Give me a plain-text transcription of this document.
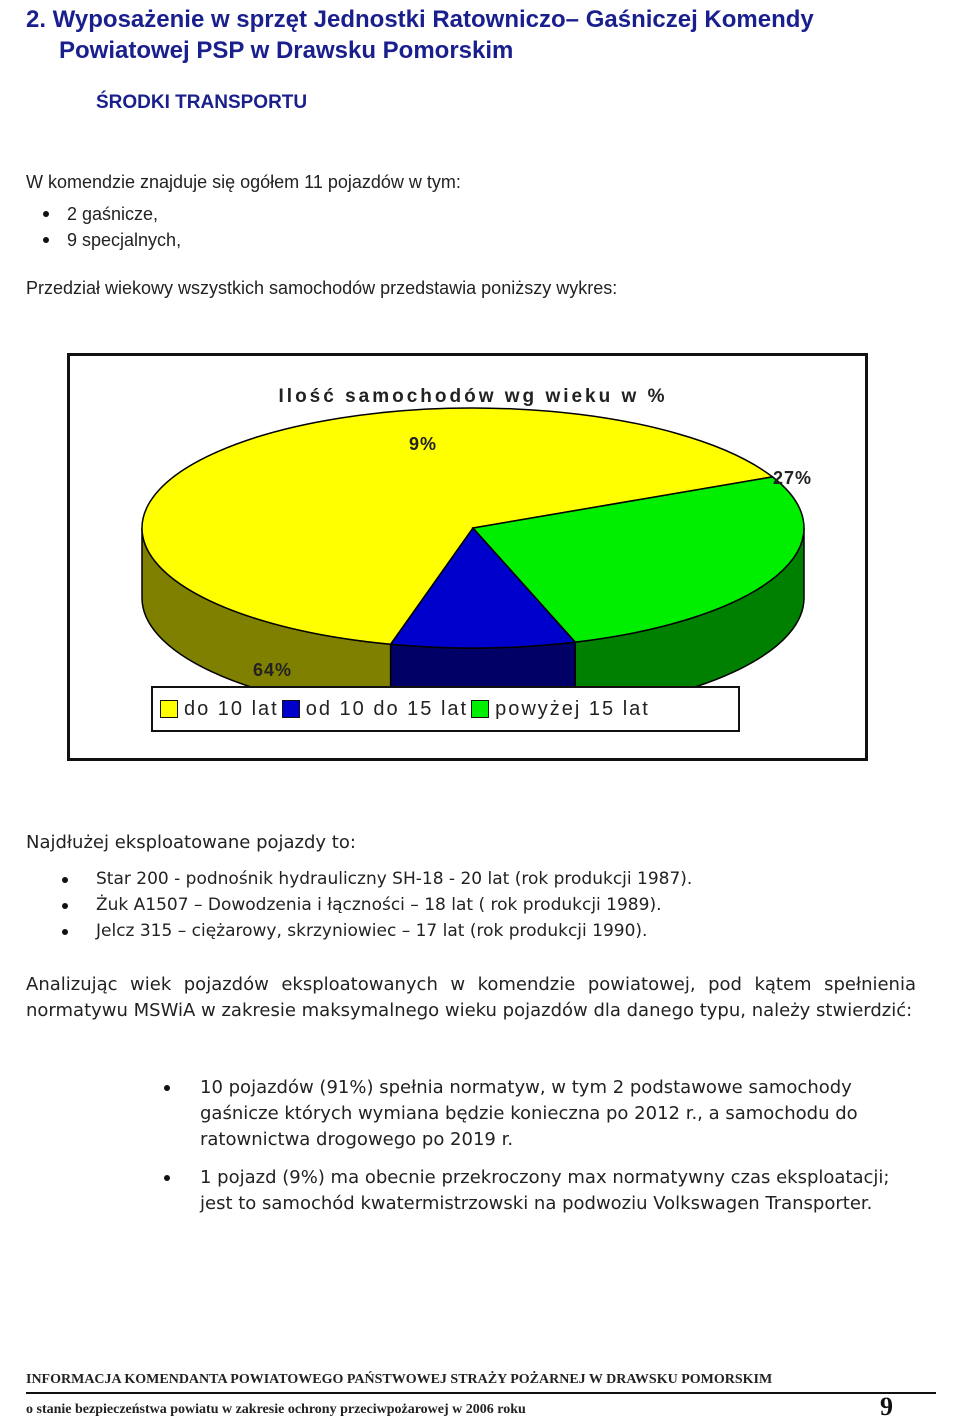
2. Wyposażenie w sprzęt Jednostki Ratowniczo– Gaśniczej Komendy
Powiatowej PSP w Drawsku Pomorskim
ŚRODKI TRANSPORTU

W komendzie znajduje się ogółem 11 pojazdów w tym:

2 gaśnicze,
9 specjalnych,

Przedział wiekowy wszystkich samochodów przedstawia poniższy wykres:

Ilość samochodów wg wieku w %
64%
9%
27%
do 10 lat od 10 do 15 lat powyżej 15 lat

Najdłużej eksploatowane pojazdy to:

Star 200 - podnośnik hydrauliczny SH-18 - 20 lat (rok produkcji 1987).
Żuk A1507 – Dowodzenia i łączności – 18 lat ( rok produkcji 1989).
Jelcz 315 – ciężarowy, skrzyniowiec – 17 lat (rok produkcji 1990).

Analizując wiek pojazdów eksploatowanych w komendzie powiatowej, pod kątem spełnienia normatywu MSWiA w zakresie maksymalnego wieku pojazdów dla danego typu, należy stwierdzić:

10 pojazdów (91%) spełnia normatyw, w tym 2 podstawowe samochody gaśnicze których wymiana będzie konieczna po 2012 r., a samochodu do ratownictwa drogowego po 2019 r.
1 pojazd (9%) ma obecnie przekroczony max normatywny czas eksploatacji; jest to samochód kwatermistrzowski na podwoziu Volkswagen Transporter.

INFORMACJA KOMENDANTA POWIATOWEGO PAŃSTWOWEJ STRAŻY POŻARNEJ W DRAWSKU POMORSKIM

o stanie bezpieczeństwa powiatu w zakresie ochrony przeciwpożarowej w 2006 roku	9
